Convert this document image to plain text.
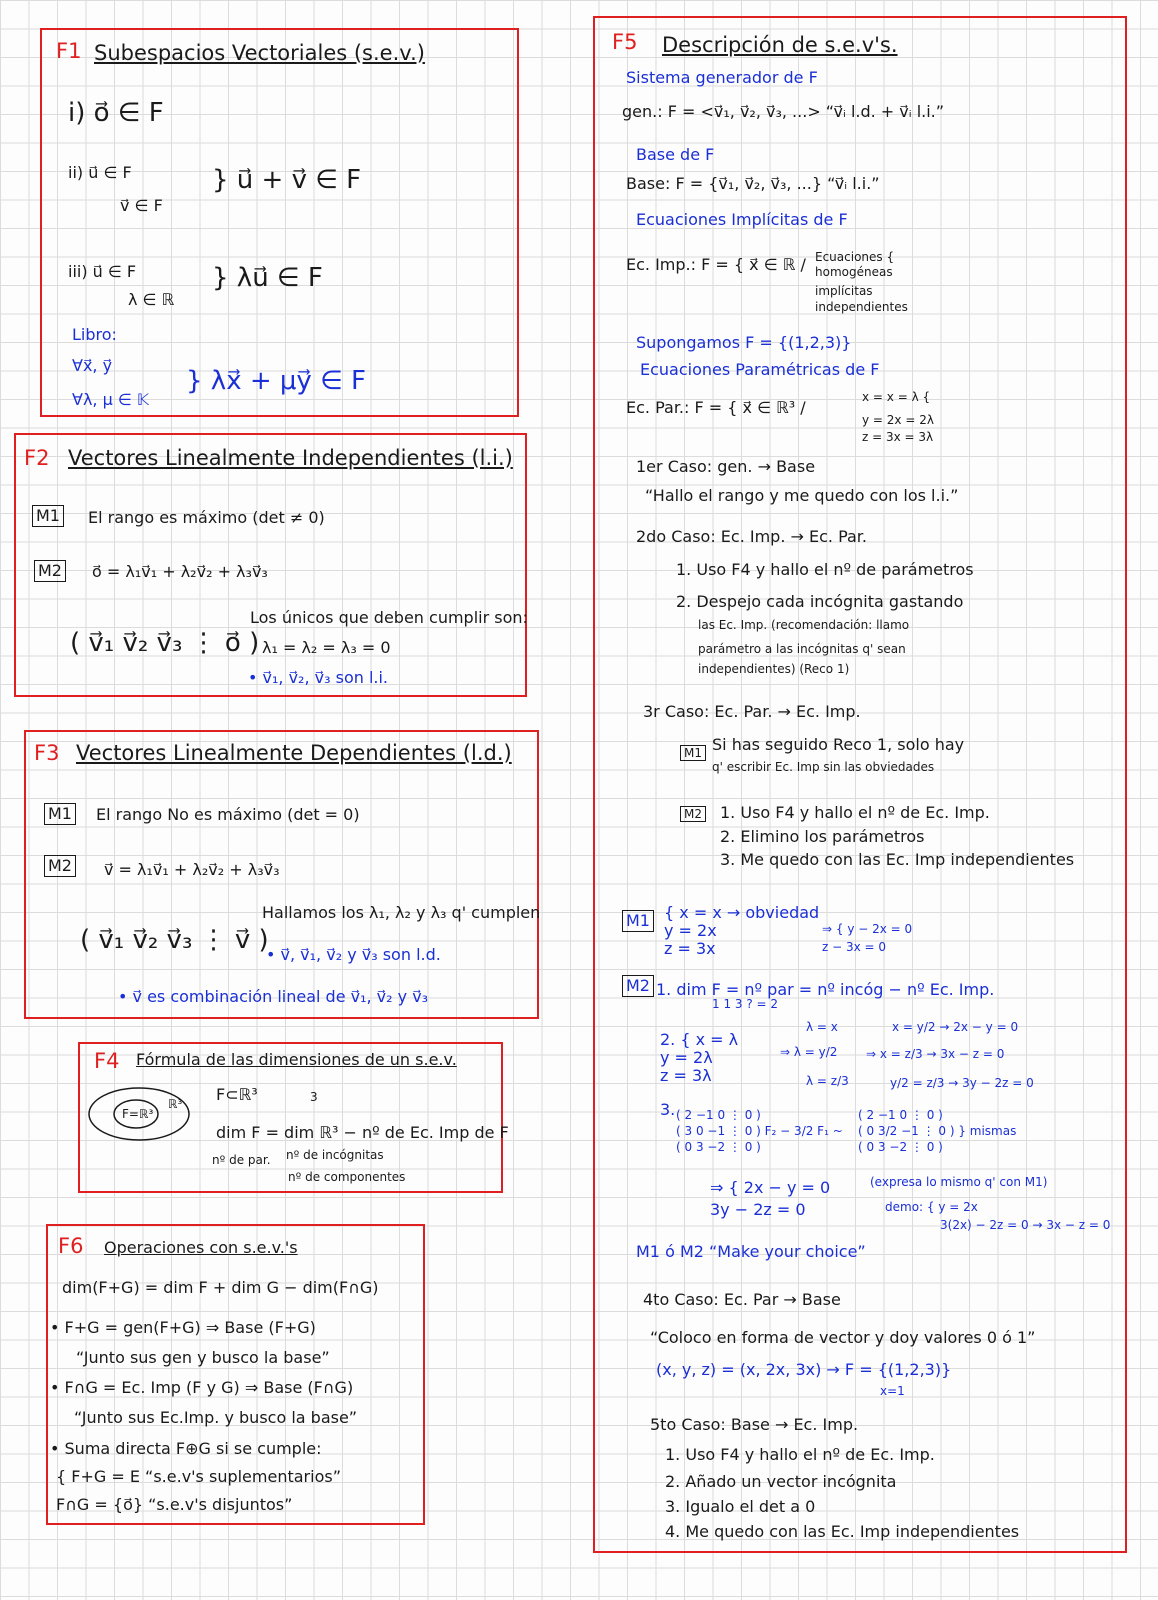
F1 Subespacios Vectoriales (s.e.v.)
i) o⃗ ∈ F
ii) u⃗ ∈ F
v⃗ ∈ F
} u⃗ + v⃗ ∈ F
iii) u⃗ ∈ F
λ ∈ ℝ
} λu⃗ ∈ F
Libro:
∀x⃗, y⃗
∀λ, μ ∈ 𝕂
} λx⃗ + μy⃗ ∈ F
F2 Vectores Linealmente Independientes (l.i.)
M1 El rango es máximo (det ≠ 0)
M2 o⃗ = λ₁v⃗₁ + λ₂v⃗₂ + λ₃v⃗₃
( v⃗₁ v⃗₂ v⃗₃ ⋮ o⃗ )
Los únicos que deben cumplir son:
λ₁ = λ₂ = λ₃ = 0
• v⃗₁, v⃗₂, v⃗₃ son l.i.
F3 Vectores Linealmente Dependientes (l.d.)
M1 El rango No es máximo (det = 0)
M2 v⃗ = λ₁v⃗₁ + λ₂v⃗₂ + λ₃v⃗₃
( v⃗₁ v⃗₂ v⃗₃ ⋮ v⃗ )
Hallamos los λ₁, λ₂ y λ₃ q' cumplen
• v⃗, v⃗₁, v⃗₂ y v⃗₃ son l.d.
• v⃗ es combinación lineal de v⃗₁, v⃗₂ y v⃗₃
F4 Fórmula de las dimensiones de un s.e.v.
F=ℝ³
ℝ³ F⊂ℝ³	3
dim F = dim ℝ³ − nº de Ec. Imp de F
nº de par. nº de incógnitas
nº de componentes
F6 Operaciones con s.e.v.'s
dim(F+G) = dim F + dim G − dim(F∩G)
• F+G = gen(F+G) ⇒ Base (F+G)
“Junto sus gen y busco la base”
• F∩G = Ec. Imp (F y G) ⇒ Base (F∩G)
“Junto sus Ec.Imp. y busco la base”
• Suma directa F⊕G si se cumple:
{ F+G = E “s.e.v's suplementarios”
F∩G = {o⃗} “s.e.v's disjuntos”
F5 Descripción de s.e.v's.
Sistema generador de F
gen.: F = <v⃗₁, v⃗₂, v⃗₃, ...> “v⃗ᵢ l.d. + v⃗ᵢ l.i.”
Base de F
Base: F = {v⃗₁, v⃗₂, v⃗₃, ...} “v⃗ᵢ l.i.”
Ecuaciones Implícitas de F
Ec. Imp.: F = { x⃗ ∈ ℝ / Ecuaciones {
homogéneas
implícitas
independientes
Supongamos F = {(1,2,3)}
Ecuaciones Paramétricas de F
Ec. Par.: F = { x⃗ ∈ ℝ³ /
x = x = λ {
y = 2x = 2λ
z = 3x = 3λ
1er Caso: gen. → Base
“Hallo el rango y me quedo con los l.i.”
2do Caso: Ec. Imp. → Ec. Par.
1. Uso F4 y hallo el nº de parámetros
2. Despejo cada incógnita gastando
las Ec. Imp. (recomendación: llamo
parámetro a las incógnitas q' sean
independientes) (Reco 1)
3r Caso: Ec. Par. → Ec. Imp.
M1 Si has seguido Reco 1, solo hay
q' escribir Ec. Imp sin las obviedades
M2 1. Uso F4 y hallo el nº de Ec. Imp.
2. Elimino los parámetros
3. Me quedo con las Ec. Imp independientes
M1 { x = x → obviedad
y = 2x
z = 3x
⇒ { y − 2x = 0
z − 3x = 0
M2 1. dim F = nº par = nº incóg − nº Ec. Imp.
1 1 3 ? = 2
2. { x = λ
y = 2λ
z = 3λ
λ = x
⇒ λ = y/2
λ = z/3
x = y/2 → 2x − y = 0
⇒ x = z/3 → 3x − z = 0
y/2 = z/3 → 3y − 2z = 0
3. ( 2 −1 0 ⋮ 0 )
( 3 0 −1 ⋮ 0 ) F₂ − 3/2 F₁ ~
( 0 3 −2 ⋮ 0 )
( 2 −1 0 ⋮ 0 )
( 0 3/2 −1 ⋮ 0 ) } mismas
( 0 3 −2 ⋮ 0 )
⇒ { 2x − y = 0
3y − 2z = 0
(expresa lo mismo q' con M1)
demo: { y = 2x
3(2x) − 2z = 0 → 3x − z = 0
M1 ó M2 “Make your choice”
4to Caso: Ec. Par → Base
“Coloco en forma de vector y doy valores 0 ó 1”
(x, y, z) = (x, 2x, 3x) → F = {(1,2,3)}
x=1
5to Caso: Base → Ec. Imp.
1. Uso F4 y hallo el nº de Ec. Imp.
2. Añado un vector incógnita
3. Igualo el det a 0
4. Me quedo con las Ec. Imp independientes
